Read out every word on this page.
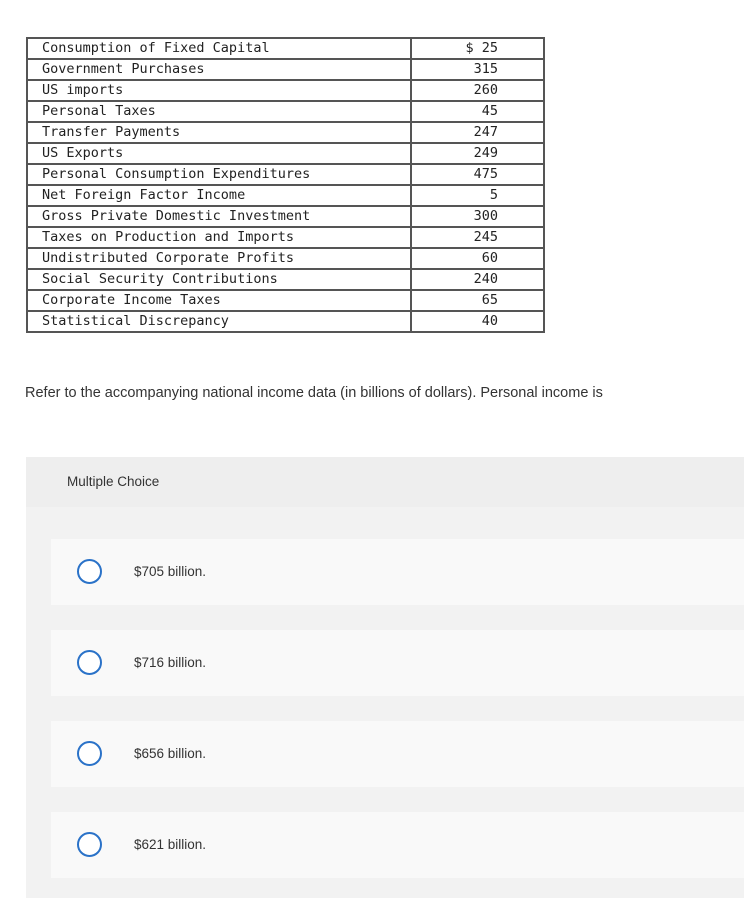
Consumption of Fixed Capital	$ 25
Government Purchases	315
US imports	260
Personal Taxes	45
Transfer Payments	247
US Exports	249
Personal Consumption Expenditures	475
Net Foreign Factor Income	5
Gross Private Domestic Investment	300
Taxes on Production and Imports	245
Undistributed Corporate Profits	60
Social Security Contributions	240
Corporate Income Taxes	65
Statistical Discrepancy	40

Refer to the accompanying national income data (in billions of dollars). Personal income is

Multiple Choice
$705 billion.
$716 billion.
$656 billion.
$621 billion.
